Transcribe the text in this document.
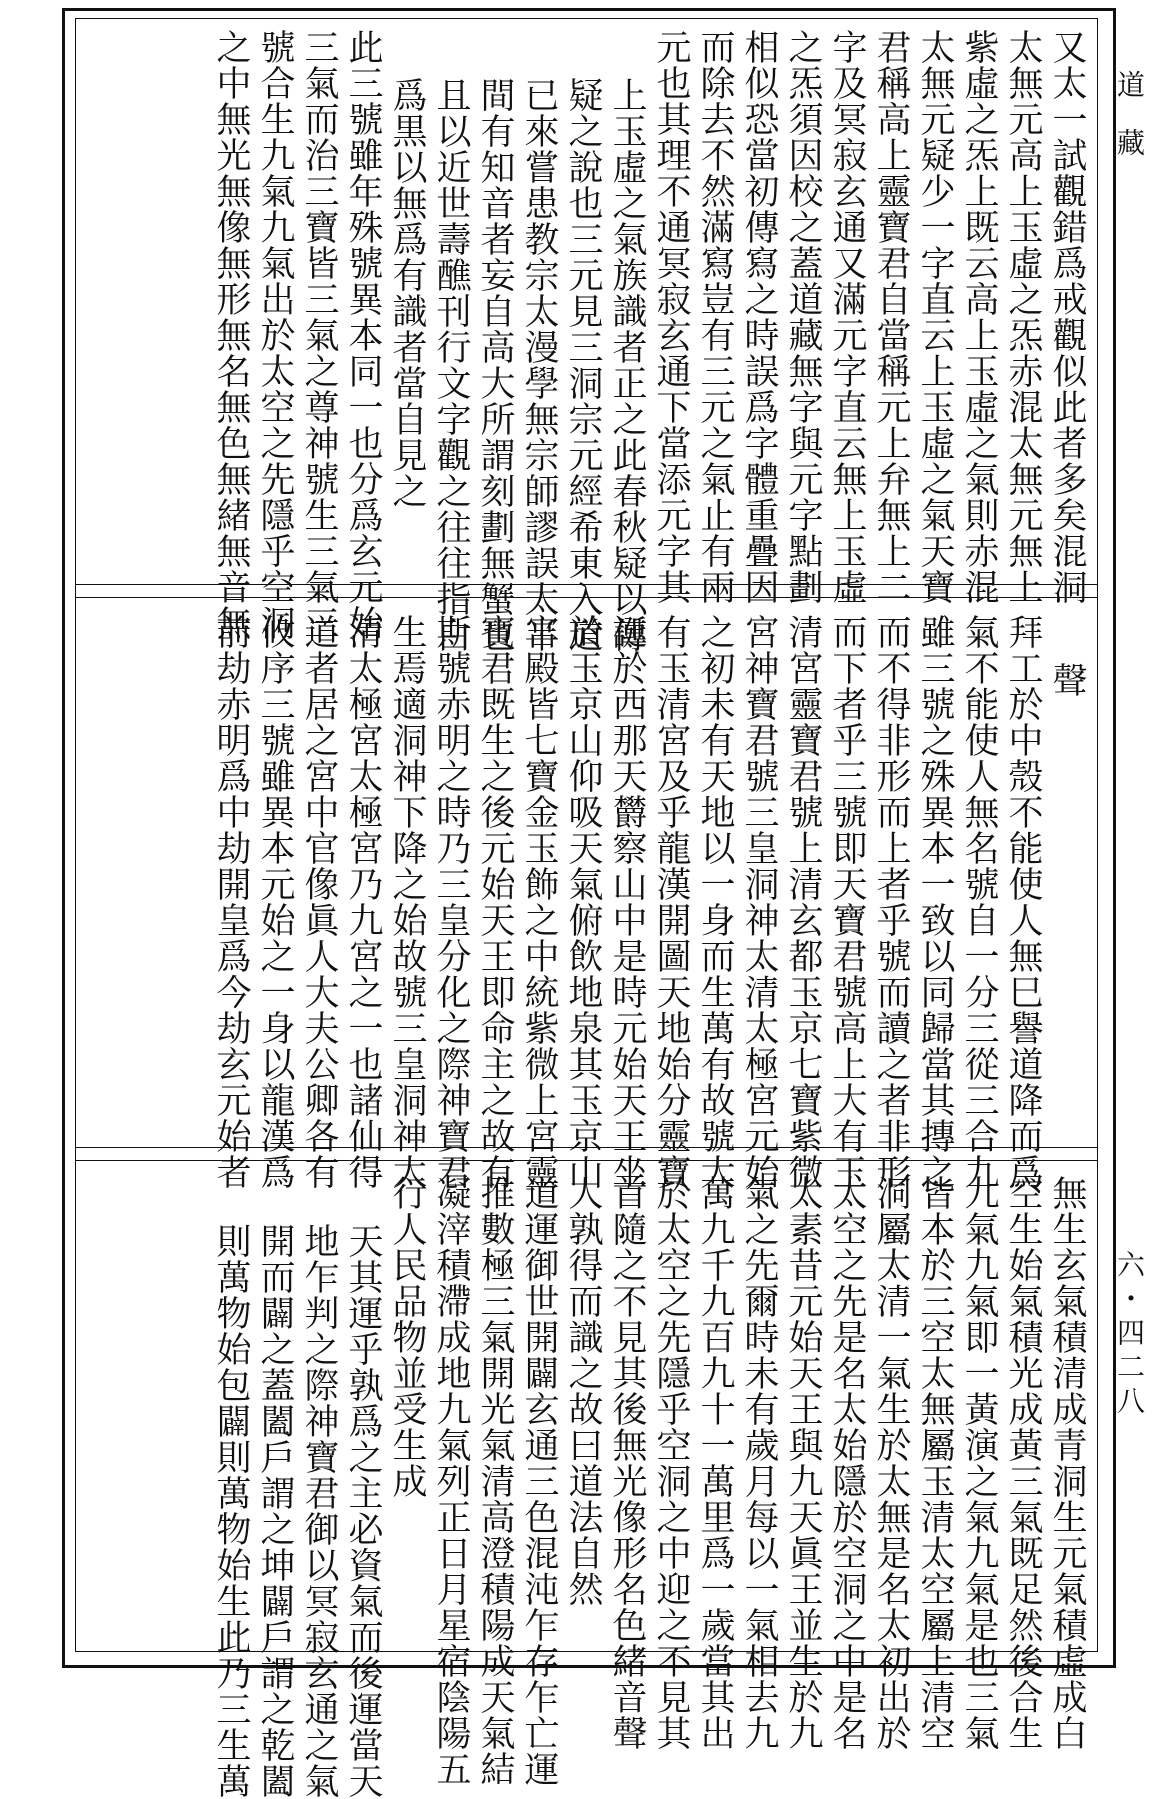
又太一試觀錯爲戒觀似此者多矣混洞
太無元高上玉虛之炁赤混太無元無上
紫虛之炁上既云高上玉虛之氣則赤混
太無元疑少一字直云上玉虛之氣天寶
君稱高上靈寶君自當稱元上弁無上二
字及冥寂玄通又滿元字直云無上玉虛
之炁須因校之蓋道藏無字與元字點劃
相似恐當初傳寫之時誤爲字體重疊因
而除去不然滿寫豈有三元之氣止有兩
元也其理不通冥寂玄通下當添元字其
上玉虛之氣族識者正之此春秋疑以傳
疑之說也三元見三洞宗元經希東入道
已來嘗患教宗太漫學無宗師謬誤太半
間有知音者妄自高大所謂刻劃無蟹也
且以近世壽醮刊行文字觀之往往指白
爲黒以無爲有識者當自見之
此三號雖年殊號異本同一也分爲玄元始
三氣而治三寶皆三氣之尊神號生三氣三
號合生九氣九氣出於太空之先隱乎空洞
之中無光無像無形無名無色無緒無音無
聲
拜工於中殼不能使人無巳譽道降而爲
氣不能使人無名號自一分三從三合九
雖三號之殊異本一致以同歸當其摶之
而不得非形而上者乎號而讀之者非形
而下者乎三號即天寶君號高上大有玉
清宮靈寶君號上清玄都玉京七寶紫微
宮神寶君號三皇洞神太清太極宮元始
之初未有天地以一身而生萬有故號大
有玉清宮及乎龍漢開圖天地始分靈寶
誕於西那天欝察山中是時元始天王坐
於玉京山仰吸天氣俯飲地泉其玉京山
宮殿皆七寶金玉飾之中統紫微上宮靈
寶君既生之後元始天王即命主之故有
斯號赤明之時乃三皇分化之際神寶君
生焉適洞神下降之始故號三皇洞神太
清太極宮太極宮乃九宮之一也諸仙得
道者居之宮中官像眞人大夫公卿各有
攸序三號雖異本元始之一身以龍漢爲
前劫赤明爲中劫開皇爲今劫玄元始者
無生玄氣積清成青洞生元氣積虛成白
空生始氣積光成黃三氣既足然後合生
九氣九氣即一黃演之氣九氣是也三氣
皆本於三空太無屬玉清太空屬上清空
洞屬太清一氣生於太無是名太初出於
太空之先是名太始隱於空洞之中是名
太素昔元始天王與九天眞王並生於九
氣之先爾時未有歲月每以一氣相去九
萬九千九百九十一萬里爲一歲當其出
於太空之先隱乎空洞之中迎之不見其
首隨之不見其後無光像形名色緒音聲
人孰得而識之故曰道法自然
道運御世開闢玄通三色混沌乍存乍亡運
推數極三氣開光氣清高澄積陽成天氣結
凝滓積滯成地九氣列正日月星宿陰陽五
行人民品物並受生成
天其運乎孰爲之主必資氣而後運當天
地乍判之際神寶君御以冥寂玄通之氣
開而闢之蓋闔戶謂之坤闢戶謂之乾闔
則萬物始包闢則萬物始生此乃三生萬
道藏
六・四二八
